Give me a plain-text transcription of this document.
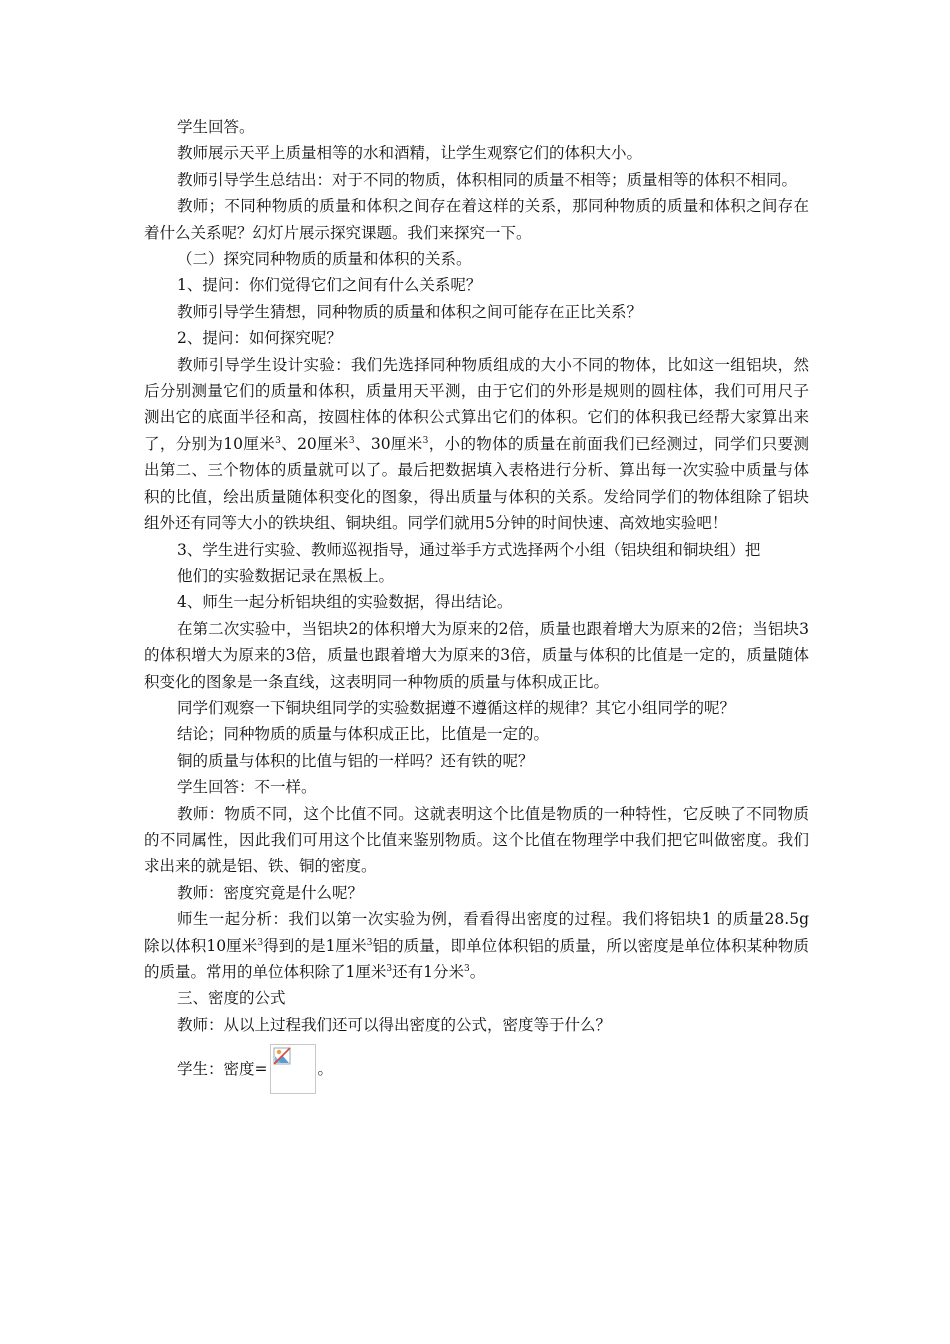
学生回答。

教师展示天平上质量相等的水和酒精，让学生观察它们的体积大小。

教师引导学生总结出：对于不同的物质，体积相同的质量不相等；质量相等的体积不相同。

教师；不同种物质的质量和体积之间存在着这样的关系，那同种物质的质量和体积之间存在着什么关系呢？幻灯片展示探究课题。我们来探究一下。

（二）探究同种物质的质量和体积的关系。

1、提问：你们觉得它们之间有什么关系呢？

教师引导学生猜想，同种物质的质量和体积之间可能存在正比关系？

2、提问：如何探究呢？

教师引导学生设计实验：我们先选择同种物质组成的大小不同的物体，比如这一组铝块，然后分别测量它们的质量和体积，质量用天平测，由于它们的外形是规则的圆柱体，我们可用尺子测出它的底面半径和高，按圆柱体的体积公式算出它们的体积。它们的体积我已经帮大家算出来了，分别为10厘米$^3$、20厘米$^3$、30厘米$^3$，小的物体的质量在前面我们已经测过，同学们只要测出第二、三个物体的质量就可以了。最后把数据填入表格进行分析、算出每一次实验中质量与体积的比值，绘出质量随体积变化的图象，得出质量与体积的关系。发给同学们的物体组除了铝块组外还有同等大小的铁块组、铜块组。同学们就用5分钟的时间快速、高效地实验吧！

3、学生进行实验、教师巡视指导，通过举手方式选择两个小组（铝块组和铜块组）把

他们的实验数据记录在黑板上。

4、师生一起分析铝块组的实验数据，得出结论。

在第二次实验中，当铝块2的体积增大为原来的2倍，质量也跟着增大为原来的2倍；当铝块3的体积增大为原来的3倍，质量也跟着增大为原来的3倍，质量与体积的比值是一定的，质量随体积变化的图象是一条直线，这表明同一种物质的质量与体积成正比。

同学们观察一下铜块组同学的实验数据遵不遵循这样的规律？其它小组同学的呢？

结论；同种物质的质量与体积成正比，比值是一定的。

铜的质量与体积的比值与铝的一样吗？还有铁的呢？

学生回答：不一样。

教师：物质不同，这个比值不同。这就表明这个比值是物质的一种特性，它反映了不同物质的不同属性，因此我们可用这个比值来鉴别物质。这个比值在物理学中我们把它叫做密度。我们求出来的就是铝、铁、铜的密度。

教师：密度究竟是什么呢？

师生一起分析：我们以第一次实验为例，看看得出密度的过程。我们将铝块1 的质量28.5g除以体积10厘米$^3$得到的是1厘米$^3$铝的质量，即单位体积铝的质量，所以密度是单位体积某种物质的质量。常用的单位体积除了1厘米$^3$还有1分米$^3$。

三、密度的公式

教师：从以上过程我们还可以得出密度的公式，密度等于什么？

学生：密度=	。
